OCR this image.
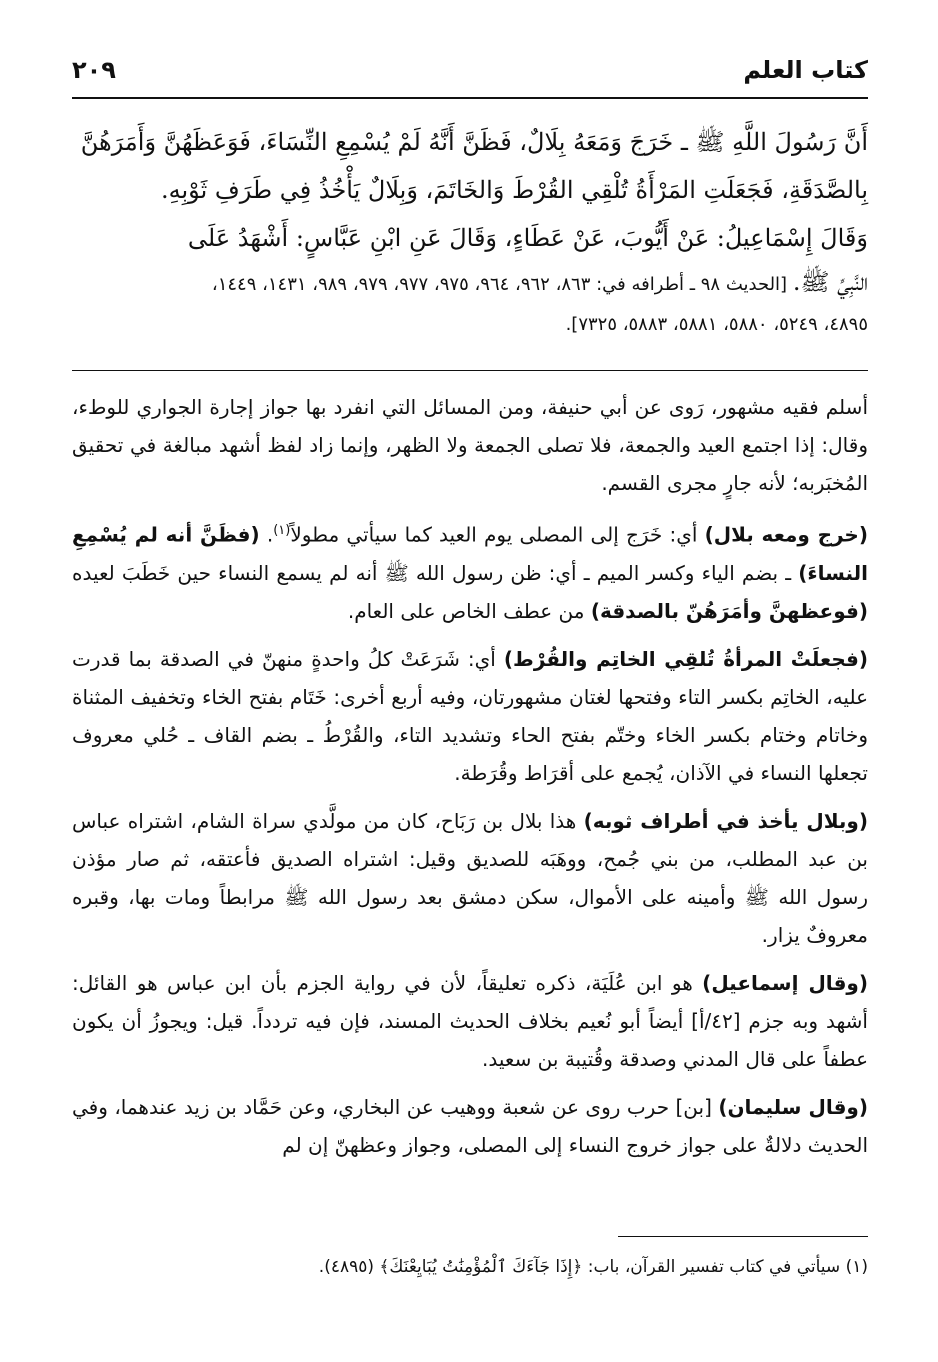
كتاب العلم
٢٠٩

أَنَّ رَسُولَ اللَّهِ ﷺ ـ خَرَجَ وَمَعَهُ بِلَالٌ، فَظَنَّ أَنَّهُ لَمْ يُسْمِعِ النِّسَاءَ، فَوَعَظَهُنَّ وَأَمَرَهُنَّ

بِالصَّدَقَةِ، فَجَعَلَتِ المَرْأَةُ تُلْقِي القُرْطَ وَالخَاتَمَ، وَبِلَالٌ يَأْخُذُ فِي طَرَفِ ثَوْبِهِ.

وَقَالَ إِسْمَاعِيلُ: عَنْ أَيُّوبَ، عَنْ عَطَاءٍ، وَقَالَ عَنِ ابْنِ عَبَّاسٍ: أَشْهَدُ عَلَى

النَّبِيِّ ﷺ. [الحديث ٩٨ ـ أطرافه في: ٨٦٣، ٩٦٢، ٩٦٤، ٩٧٥، ٩٧٧، ٩٧٩، ٩٨٩، ١٤٣١، ١٤٤٩،

٤٨٩٥، ٥٢٤٩، ٥٨٨٠، ٥٨٨١، ٥٨٨٣، ٧٣٢٥].

أسلم فقيه مشهور، رَوى عن أبي حنيفة، ومن المسائل التي انفرد بها جواز إجارة الجواري للوطء، وقال: إذا اجتمع العيد والجمعة، فلا تصلى الجمعة ولا الظهر، وإنما زاد لفظ أشهد مبالغة في تحقيق المُخبَربه؛ لأنه جارٍ مجرى القسم.

(خرج ومعه بلال) أي: خَرَج إلى المصلى يوم العيد كما سيأتي مطولاً$^{(١)}$. (فظَنَّ أنه لم يُسْمِعِ النساءَ) ـ بضم الياء وكسر الميم ـ أي: ظن رسول الله ﷺ أنه لم يسمع النساء حين خَطَبَ لعيده (فوعظهنَّ وأمَرَهُنّ بالصدقة) من عطف الخاص على العام.

(فجعلَتْ المرأةُ تُلقِي الخاتِم والقُرْط) أي: شَرَعَتْ كلُ واحدةٍ منهنّ في الصدقة بما قدرت عليه، الخاتِم بكسر التاء وفتحها لغتان مشهورتان، وفيه أربع أخرى: خَتَام بفتح الخاء وتخفيف المثناة وخاتام وختام بكسر الخاء وختّم بفتح الحاء وتشديد التاء، والقُرْطُ ـ بضم القاف ـ حُلي معروف تجعلها النساء في الآذان، يُجمع على أقرَاط وقُرَطة.

(وبلال يأخذ في أطراف ثوبه) هذا بلال بن رَبَاح، كان من مولَّدي سراة الشام، اشتراه عباس بن عبد المطلب، من بني جُمح، ووهَبَه للصديق وقيل: اشتراه الصديق فأعتقه، ثم صار مؤذن رسول الله ﷺ وأمينه على الأموال، سكن دمشق بعد رسول الله ﷺ مرابطاً ومات بها، وقبره معروفٌ يزار.

(وقال إسماعيل) هو ابن عُلَيَة، ذكره تعليقاً، لأن في رواية الجزم بأن ابن عباس هو القائل: أشهد وبه جزم [٤٢/أ] أيضاً أبو نُعيم بخلاف الحديث المسند، فإن فيه تردداً. قيل: ويجوزُ أن يكون عطفاً على قال المدني وصدقة وقُتيبة بن سعيد.

(وقال سليمان) [بن] حرب روى عن شعبة ووهيب عن البخاري، وعن حَمَّاد بن زيد عندهما، وفي الحديث دلالةٌ على جواز خروج النساء إلى المصلى، وجواز وعظهنّ إن لم

(١) سيأتي في كتاب تفسير القرآن، باب: ﴿إِذَا جَآءَكَ ٱلْمُؤْمِنَٰتُ يُبَايِعْنَكَ﴾ (٤٨٩٥).
